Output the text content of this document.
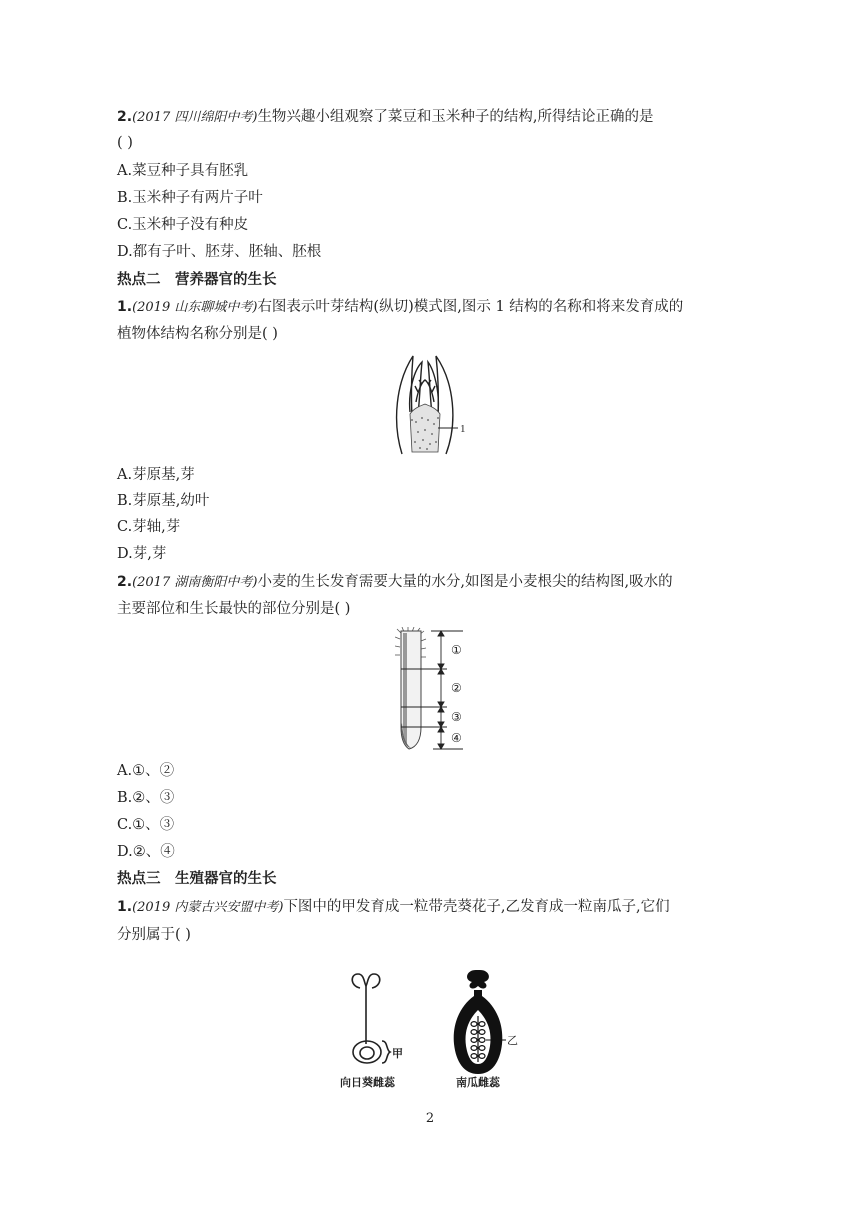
2.(2017 四川绵阳中考)生物兴趣小组观察了菜豆和玉米种子的结构,所得结论正确的是
( )
A.菜豆种子具有胚乳
B.玉米种子有两片子叶
C.玉米种子没有种皮
D.都有子叶、胚芽、胚轴、胚根
热点二　营养器官的生长
1.(2019 山东聊城中考)右图表示叶芽结构(纵切)模式图,图示 1 结构的名称和将来发育成的
植物体结构名称分别是( )
1
A.芽原基,芽
B.芽原基,幼叶
C.芽轴,芽
D.芽,芽
2.(2017 湖南衡阳中考)小麦的生长发育需要大量的水分,如图是小麦根尖的结构图,吸水的
主要部位和生长最快的部位分别是( )
①
②
③
④
A.①、②
B.②、③
C.①、③
D.②、④
热点三　生殖器官的生长
1.(2019 内蒙古兴安盟中考)下图中的甲发育成一粒带壳葵花子,乙发育成一粒南瓜子,它们
分别属于( )
甲
乙
向日葵雌蕊	南瓜雌蕊
2
